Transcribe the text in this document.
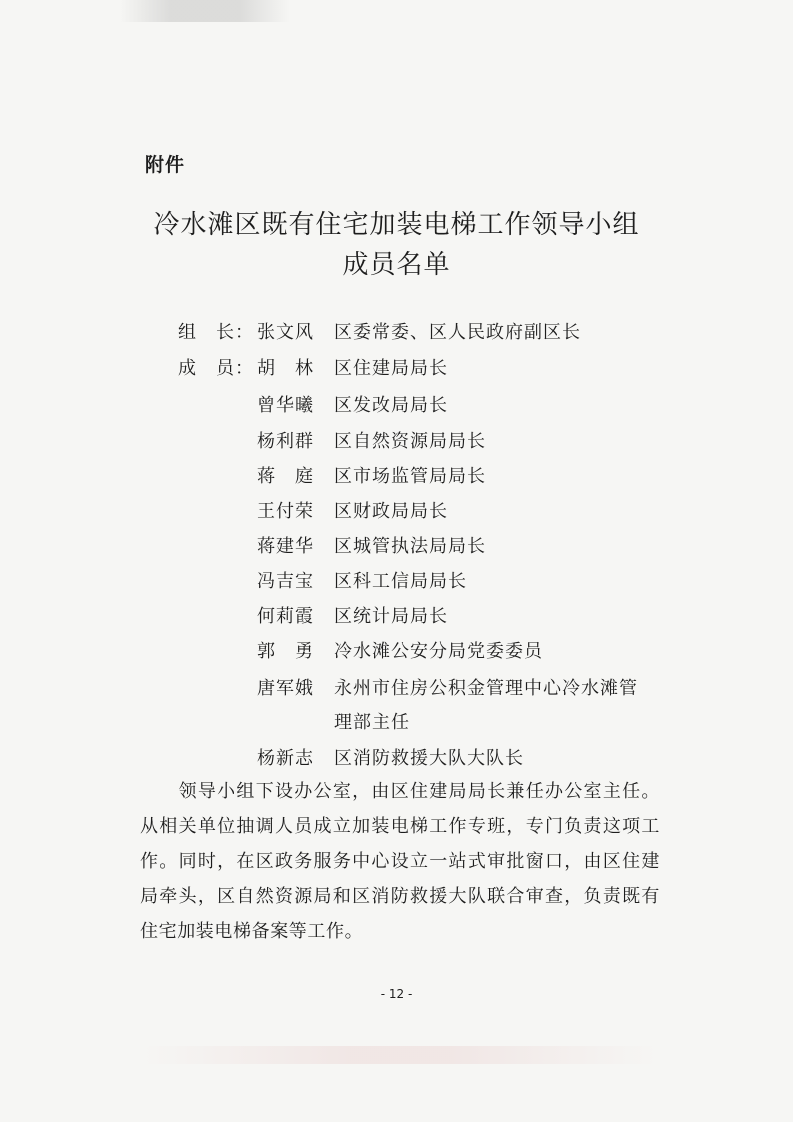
附件
冷水滩区既有住宅加装电梯工作领导小组
成员名单
组　长： 张文风 区委常委、区人民政府副区长
成　员： 胡　林 区住建局局长
曾华曦 区发改局局长
杨利群 区自然资源局局长
蒋　庭 区市场监管局局长
王付荣 区财政局局长
蒋建华 区城管执法局局长
冯吉宝 区科工信局局长
何莉霞 区统计局局长
郭　勇 冷水滩公安分局党委委员
唐军娥 永州市住房公积金管理中心冷水滩管
理部主任
杨新志 区消防救援大队大队长
　　领导小组下设办公室，由区住建局局长兼任办公室主任。从相关单位抽调人员成立加装电梯工作专班，专门负责这项工作。同时，在区政务服务中心设立一站式审批窗口，由区住建局牵头，区自然资源局和区消防救援大队联合审查，负责既有住宅加装电梯备案等工作。
- 12 -
